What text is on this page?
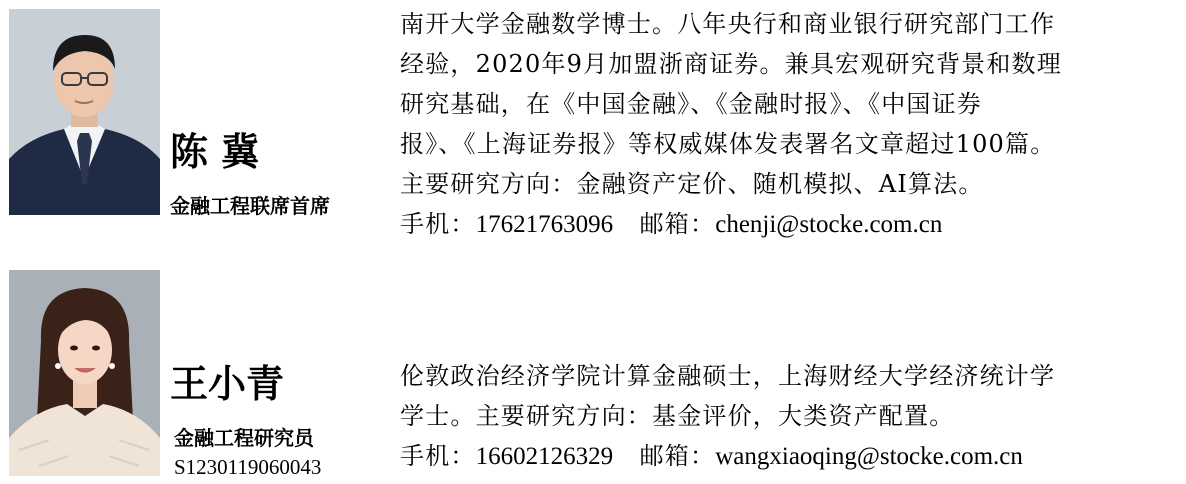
陈 冀
金融工程联席首席
南开大学金融数学博士。八年央行和商业银行研究部门工作
经验，2020年9月加盟浙商证券。兼具宏观研究背景和数理
研究基础，在《中国金融》、《金融时报》、《中国证券
报》、《上海证券报》等权威媒体发表署名文章超过100篇。
主要研究方向：金融资产定价、随机模拟、AI算法。
手机：17621763096 邮箱：chenji@stocke.com.cn
王小青
金融工程研究员
S1230119060043
伦敦政治经济学院计算金融硕士，上海财经大学经济统计学
学士。主要研究方向：基金评价，大类资产配置。
手机：16602126329 邮箱：wangxiaoqing@stocke.com.cn
